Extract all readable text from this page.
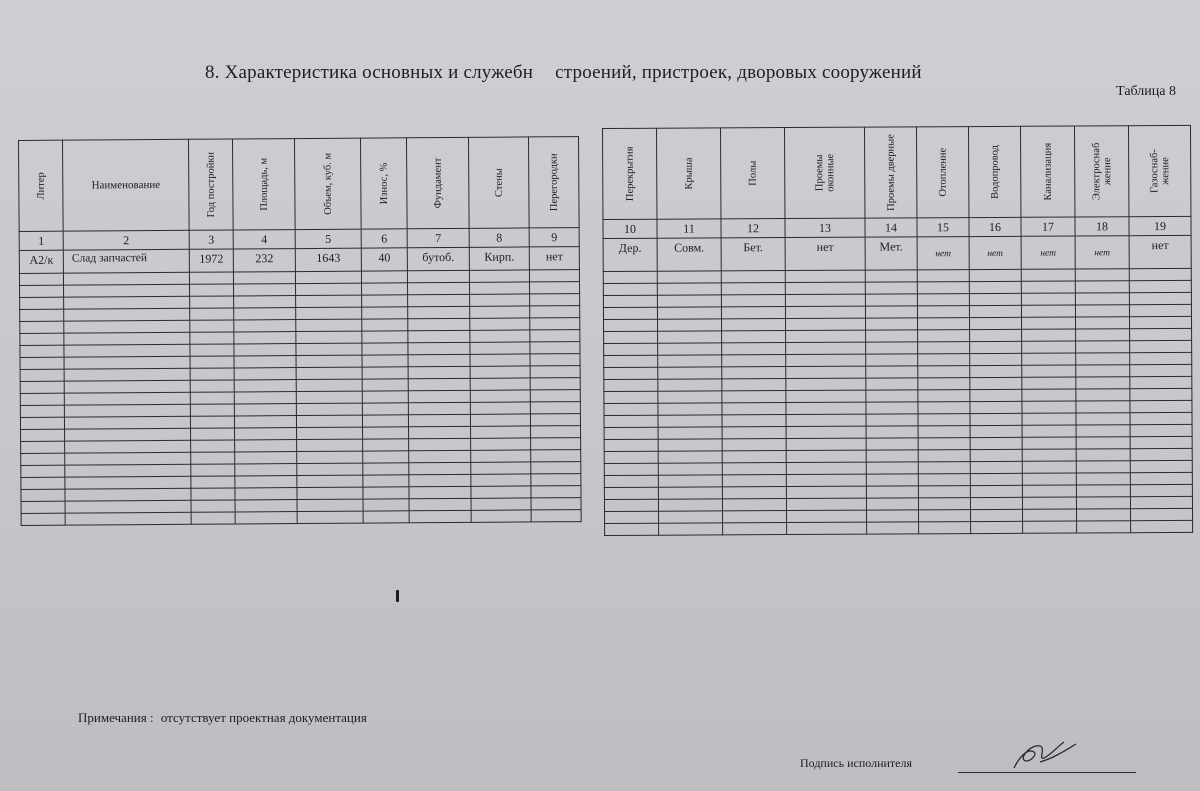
8. Характеристика основных и служебн строений, пристроек, дворовых сооружений
Таблица 8
Литер	Наименование	Год постройки	Площадь, м	Объем, куб. м	Износ, %	Фундамент	Стены	Перегородки

1	2	3	4	5	6	7	8	9
А2/к	Слад запчастей	1972	232	1643	40	бутоб.	Кирп.	нет

Перекрытия	Крыша	Полы	Проемы оконные	Проемы дверные	Отопление	Водопровод	Канализация	Электроснаб жение	Газоснаб- жение

10	11	12	13	14	15	16	17	18	19
Дер.	Совм.	Бет.	нет	Мет.	нет	нет	нет	нет	нет

Примечания : отсутствует проектная документация
Подпись исполнителя
